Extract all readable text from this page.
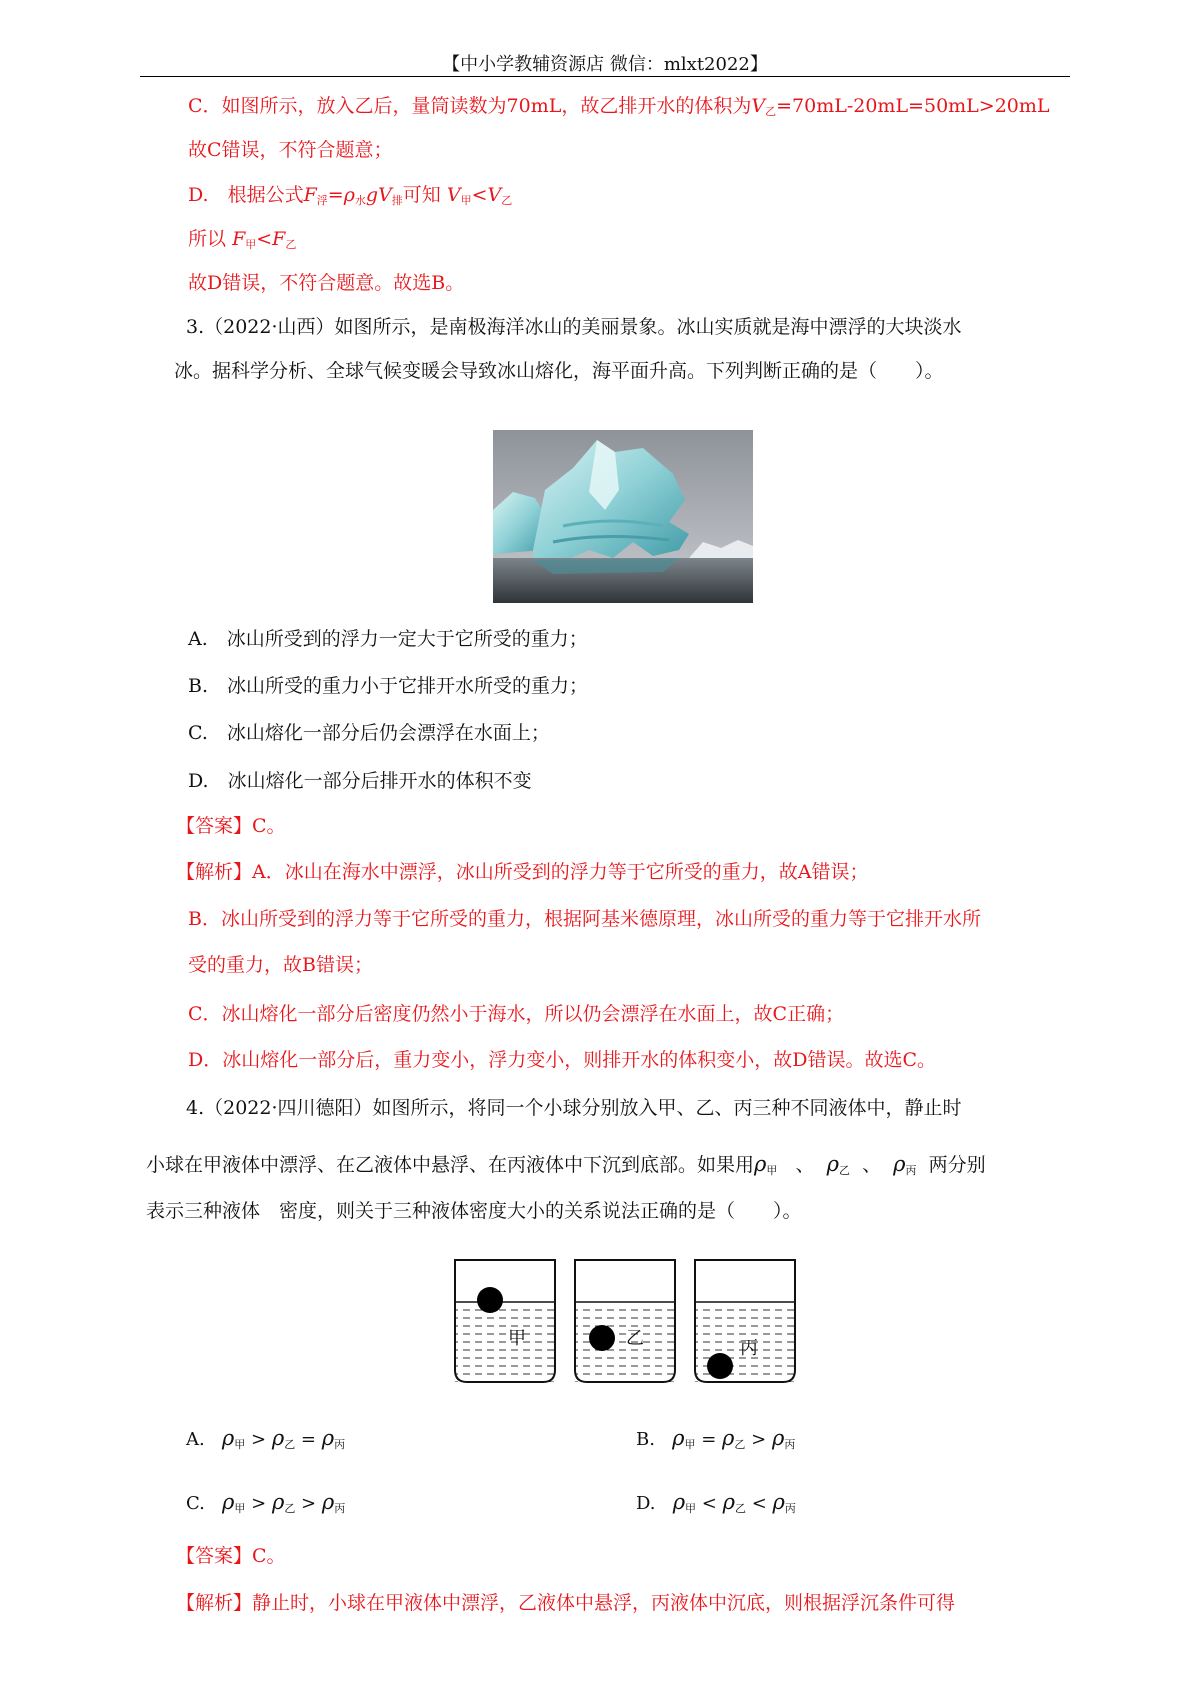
【中小学教辅资源店 微信：mlxt2022】
C．如图所示，放入乙后，量筒读数为70mL，故乙排开水的体积为$V_乙=70mL-20mL=50mL>20mL$
故C错误，不符合题意；
D.　根据公式$F_浮=\rho_水gV_排$可知 $V_甲<V_乙$
所以 $F_甲<F_乙$
故D错误，不符合题意。故选B。
3.（2022·山西）如图所示，是南极海洋冰山的美丽景象。冰山实质就是海中漂浮的大块淡水
冰。据科学分析、全球气候变暖会导致冰山熔化，海平面升高。下列判断正确的是（　　）。
A.　冰山所受到的浮力一定大于它所受的重力；
B.　冰山所受的重力小于它排开水所受的重力；
C.　冰山熔化一部分后仍会漂浮在水面上；
D.　冰山熔化一部分后排开水的体积不变
【答案】C。
【解析】A．冰山在海水中漂浮，冰山所受到的浮力等于它所受的重力，故A错误；
B．冰山所受到的浮力等于它所受的重力，根据阿基米德原理，冰山所受的重力等于它排开水所
受的重力，故B错误；
C．冰山熔化一部分后密度仍然小于海水，所以仍会漂浮在水面上，故C正确；
D．冰山熔化一部分后，重力变小，浮力变小，则排开水的体积变小，故D错误。故选C。
4.（2022·四川德阳）如图所示，将同一个小球分别放入甲、乙、丙三种不同液体中，静止时
小球在甲液体中漂浮、在乙液体中悬浮、在丙液体中下沉到底部。如果用$\rho_甲$ 、 $\rho_乙$ 、 $\rho_丙$ 两分别
表示三种液体　密度，则关于三种液体密度大小的关系说法正确的是（　　）。
甲	乙	丙
A. $\rho_甲 > \rho_乙 = \rho_丙$	B. $\rho_甲 = \rho_乙 > \rho_丙$
C. $\rho_甲 > \rho_乙 > \rho_丙$	D. $\rho_甲 < \rho_乙 < \rho_丙$
【答案】C。
【解析】静止时，小球在甲液体中漂浮，乙液体中悬浮，丙液体中沉底，则根据浮沉条件可得
